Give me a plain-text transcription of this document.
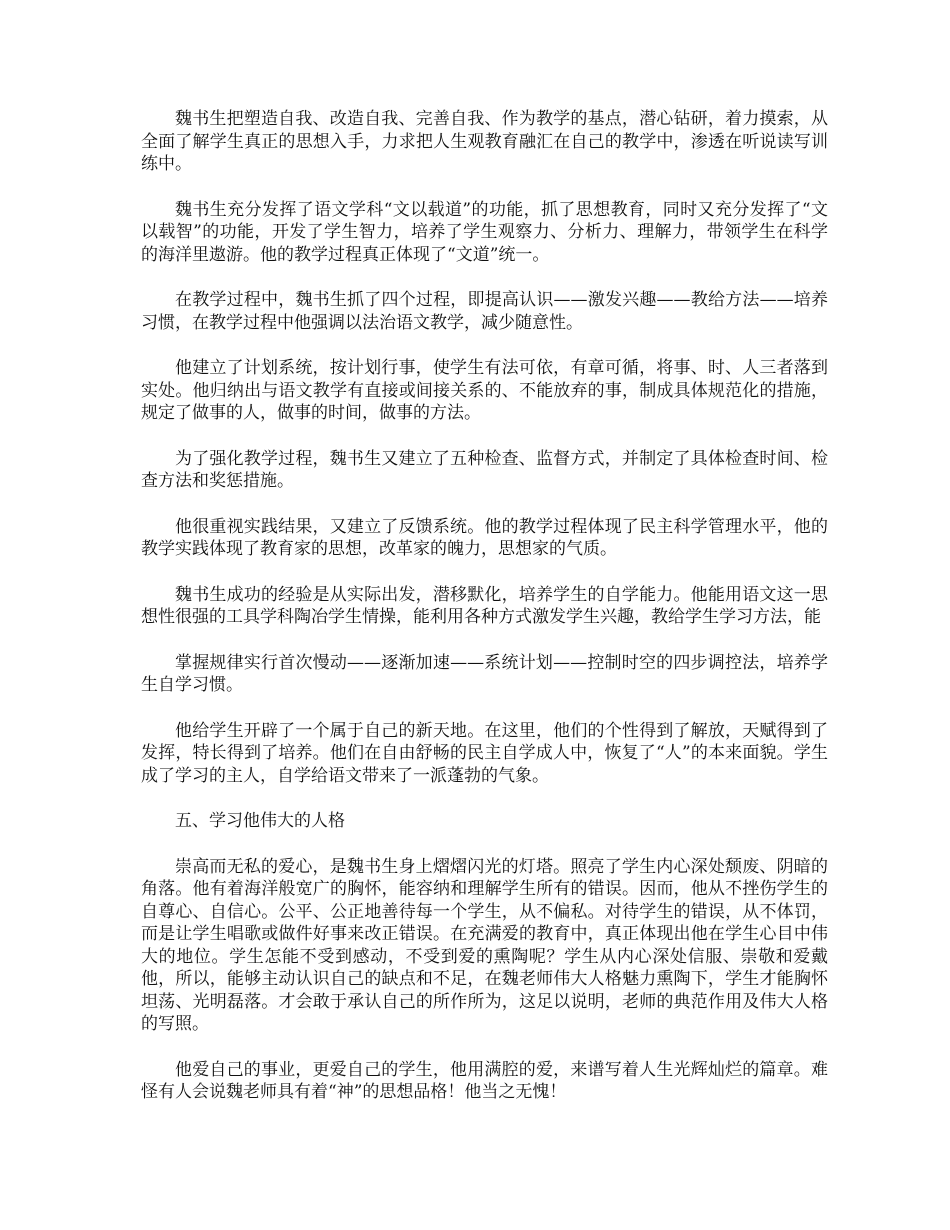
魏书生把塑造自我、改造自我、完善自我、作为教学的基点，潜心钻研，着力摸索，从全面了解学生真正的思想入手，力求把人生观教育融汇在自己的教学中，渗透在听说读写训练中。

魏书生充分发挥了语文学科“文以载道”的功能，抓了思想教育，同时又充分发挥了“文以载智”的功能，开发了学生智力，培养了学生观察力、分析力、理解力，带领学生在科学的海洋里遨游。他的教学过程真正体现了“文道”统一。

在教学过程中，魏书生抓了四个过程，即提高认识——激发兴趣——教给方法——培养习惯，在教学过程中他强调以法治语文教学，减少随意性。

他建立了计划系统，按计划行事，使学生有法可依，有章可循，将事、时、人三者落到实处。他归纳出与语文教学有直接或间接关系的、不能放弃的事，制成具体规范化的措施，规定了做事的人，做事的时间，做事的方法。

为了强化教学过程，魏书生又建立了五种检查、监督方式，并制定了具体检查时间、检查方法和奖惩措施。

他很重视实践结果，又建立了反馈系统。他的教学过程体现了民主科学管理水平，他的教学实践体现了教育家的思想，改革家的魄力，思想家的气质。

魏书生成功的经验是从实际出发，潜移默化，培养学生的自学能力。他能用语文这一思想性很强的工具学科陶冶学生情操，能利用各种方式激发学生兴趣，教给学生学习方法，能

掌握规律实行首次慢动——逐渐加速——系统计划——控制时空的四步调控法，培养学生自学习惯。

他给学生开辟了一个属于自己的新天地。在这里，他们的个性得到了解放，天赋得到了发挥，特长得到了培养。他们在自由舒畅的民主自学成人中，恢复了“人”的本来面貌。学生成了学习的主人，自学给语文带来了一派蓬勃的气象。

五、学习他伟大的人格

崇高而无私的爱心，是魏书生身上熠熠闪光的灯塔。照亮了学生内心深处颓废、阴暗的角落。他有着海洋般宽广的胸怀，能容纳和理解学生所有的错误。因而，他从不挫伤学生的自尊心、自信心。公平、公正地善待每一个学生，从不偏私。对待学生的错误，从不体罚，而是让学生唱歌或做件好事来改正错误。在充满爱的教育中，真正体现出他在学生心目中伟大的地位。学生怎能不受到感动，不受到爱的熏陶呢？学生从内心深处信服、崇敬和爱戴他，所以，能够主动认识自己的缺点和不足，在魏老师伟大人格魅力熏陶下，学生才能胸怀坦荡、光明磊落。才会敢于承认自己的所作所为，这足以说明，老师的典范作用及伟大人格的写照。

他爱自己的事业，更爱自己的学生，他用满腔的爱，来谱写着人生光辉灿烂的篇章。难怪有人会说魏老师具有着“神”的思想品格！他当之无愧！
